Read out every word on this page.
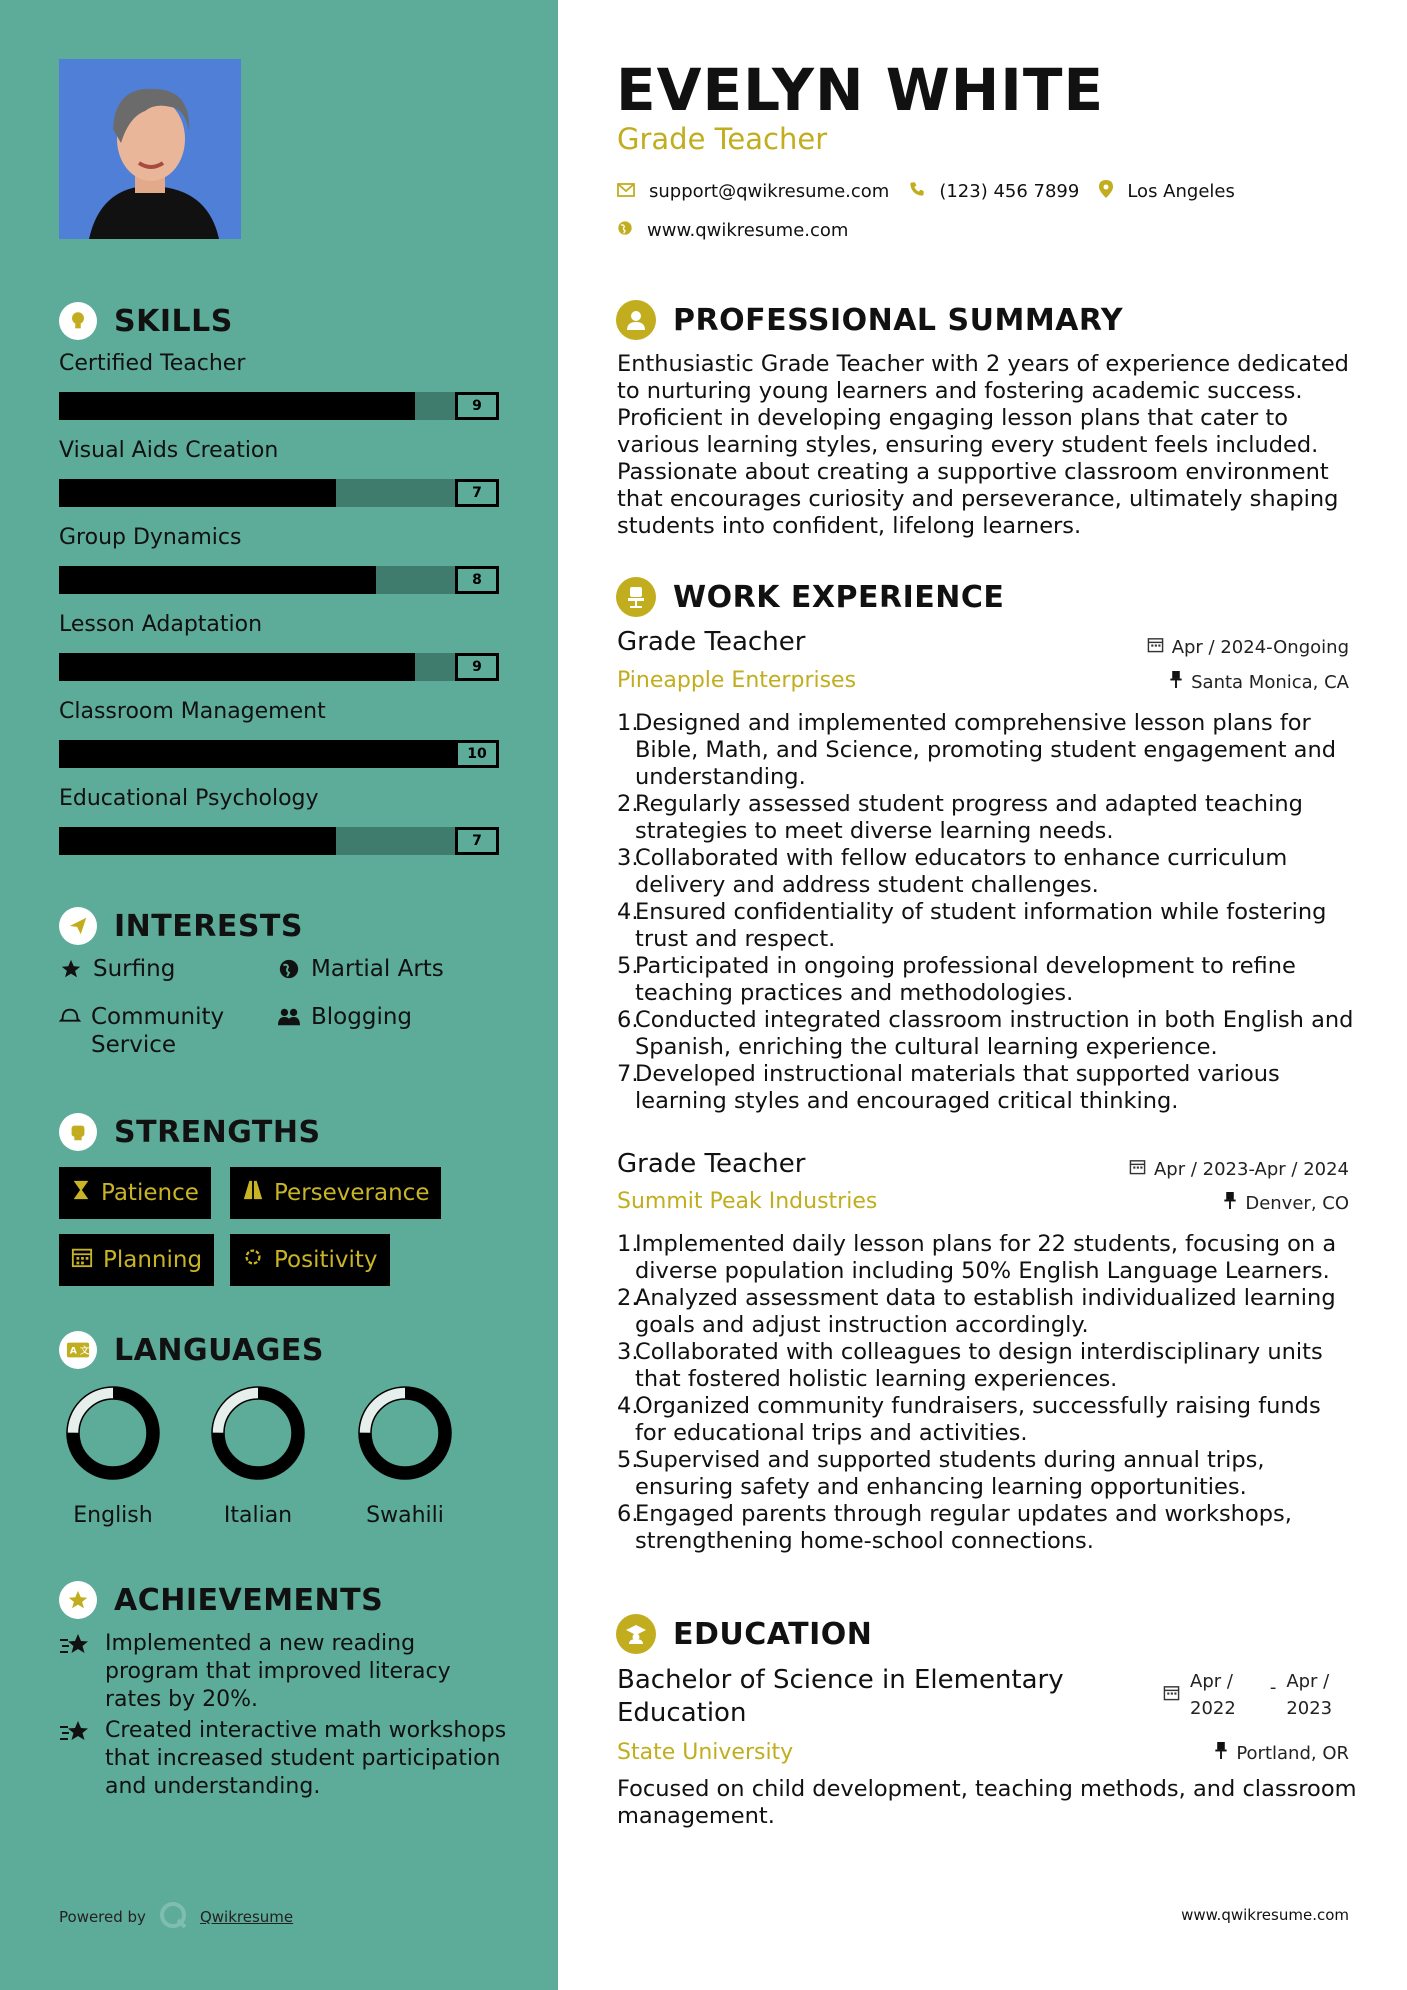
SKILLS
Certified Teacher
9
Visual Aids Creation
7
Group Dynamics
8
Lesson Adaptation
9
Classroom Management
10
Educational Psychology
7
INTERESTS
Surfing	Martial Arts
Community Service
Blogging
STRENGTHS
Patience	Perseverance
Planning	Positivity
A 文 LANGUAGES
English	Italian	Swahili
ACHIEVEMENTS
Implemented a new reading program that improved literacy rates by 20%.
Created interactive math workshops that increased student participation and understanding.
Powered by	Qwikresume
EVELYN WHITE
Grade Teacher
support@qwikresume.com	(123) 456 7899	Los Angeles
www.qwikresume.com
PROFESSIONAL SUMMARY
Enthusiastic Grade Teacher with 2 years of experience dedicated to nurturing young learners and fostering academic success. Proficient in developing engaging lesson plans that cater to various learning styles, ensuring every student feels included. Passionate about creating a supportive classroom environment that encourages curiosity and perseverance, ultimately shaping students into confident, lifelong learners.
WORK EXPERIENCE
Grade Teacher
Pineapple Enterprises
Apr / 2024-Ongoing
Santa Monica, CA
1.
Designed and implemented comprehensive lesson plans for Bible, Math, and Science, promoting student engagement and understanding.
2.
Regularly assessed student progress and adapted teaching strategies to meet diverse learning needs.
3.
Collaborated with fellow educators to enhance curriculum delivery and address student challenges.
4.
Ensured confidentiality of student information while fostering trust and respect.
5.
Participated in ongoing professional development to refine teaching practices and methodologies.
6.
Conducted integrated classroom instruction in both English and Spanish, enriching the cultural learning experience.
7.
Developed instructional materials that supported various learning styles and encouraged critical thinking.
Grade Teacher
Summit Peak Industries
Apr / 2023-Apr / 2024
Denver, CO
1.
Implemented daily lesson plans for 22 students, focusing on a diverse population including 50% English Language Learners.
2.
Analyzed assessment data to establish individualized learning goals and adjust instruction accordingly.
3.
Collaborated with colleagues to design interdisciplinary units that fostered holistic learning experiences.
4.
Organized community fundraisers, successfully raising funds for educational trips and activities.
5.
Supervised and supported students during annual trips, ensuring safety and enhancing learning opportunities.
6.
Engaged parents through regular updates and workshops, strengthening home-school connections.
EDUCATION
Bachelor of Science in Elementary
Education
State University
Apr /
2022
- Apr /
2023
Portland, OR
Focused on child development, teaching methods, and classroom management.
www.qwikresume.com
